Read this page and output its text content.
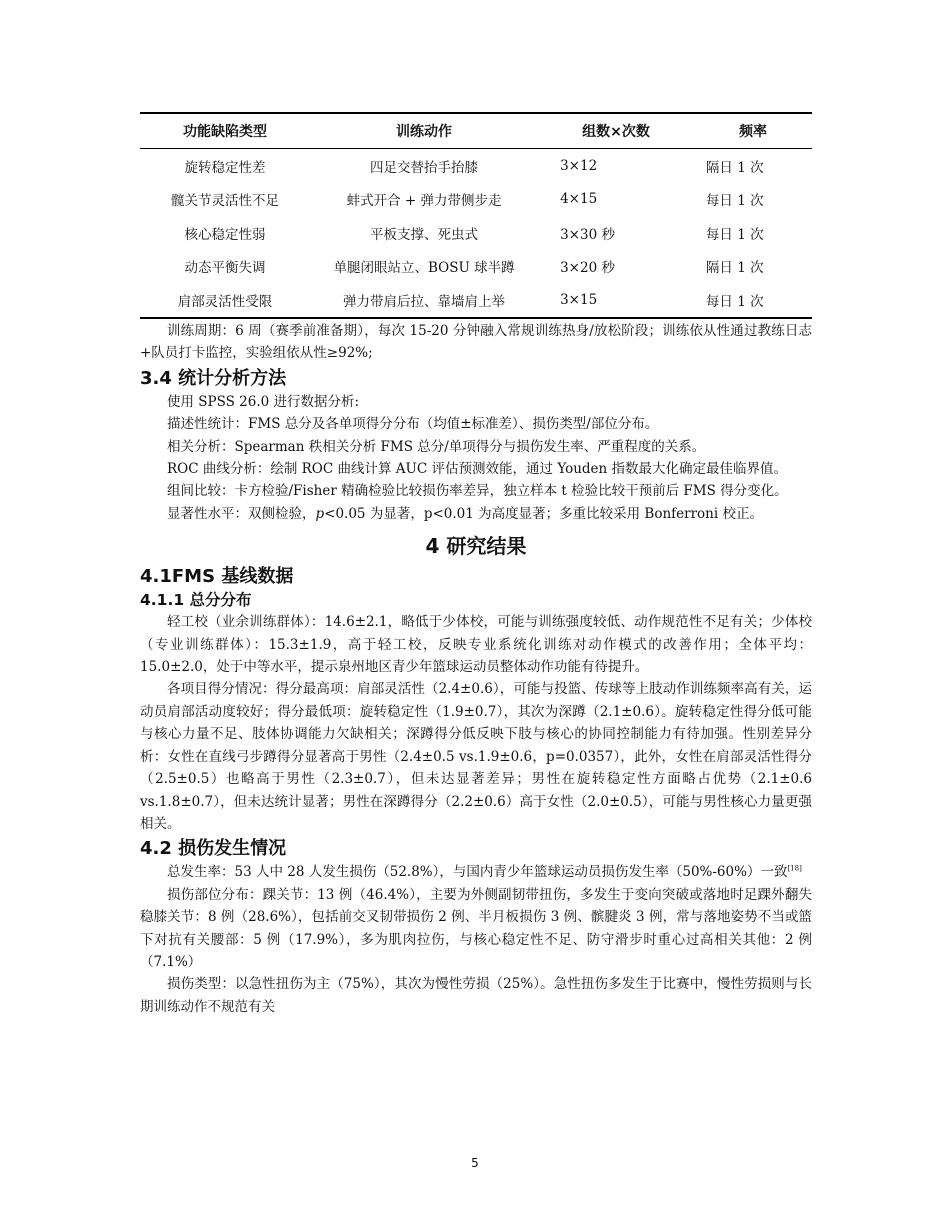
功能缺陷类型	训练动作	组数×次数	频率
旋转稳定性差	四足交替抬手抬膝	3×12	隔日 1 次
髋关节灵活性不足	蚌式开合 + 弹力带侧步走	4×15	每日 1 次
核心稳定性弱	平板支撑、死虫式	3×30 秒	每日 1 次
动态平衡失调	单腿闭眼站立、BOSU 球半蹲	3×20 秒	隔日 1 次
肩部灵活性受限	弹力带肩后拉、靠墙肩上举	3×15	每日 1 次

训练周期：6 周（赛季前准备期），每次 15-20 分钟融入常规训练热身/放松阶段；训练依从性通过教练日志+队员打卡监控，实验组依从性≥92%;

3.4 统计分析方法

使用 SPSS 26.0 进行数据分析:

描述性统计：FMS 总分及各单项得分分布（均值±标准差）、损伤类型/部位分布。

相关分析：Spearman 秩相关分析 FMS 总分/单项得分与损伤发生率、严重程度的关系。

ROC 曲线分析：绘制 ROC 曲线计算 AUC 评估预测效能，通过 Youden 指数最大化确定最佳临界值。

组间比较：卡方检验/Fisher 精确检验比较损伤率差异，独立样本 t 检验比较干预前后 FMS 得分变化。

显著性水平：双侧检验，p<0.05 为显著，p<0.01 为高度显著；多重比较采用 Bonferroni 校正。

4 研究结果
4.1FMS 基线数据
4.1.1 总分分布

轻工校（业余训练群体）：14.6±2.1，略低于少体校，可能与训练强度较低、动作规范性不足有关；少体校（专业训练群体）：15.3±1.9，高于轻工校，反映专业系统化训练对动作模式的改善作用；全体平均：15.0±2.0，处于中等水平，提示泉州地区青少年篮球运动员整体动作功能有待提升。

各项目得分情况：得分最高项：肩部灵活性（2.4±0.6），可能与投篮、传球等上肢动作训练频率高有关，运动员肩部活动度较好；得分最低项：旋转稳定性（1.9±0.7），其次为深蹲（2.1±0.6）。旋转稳定性得分低可能与核心力量不足、肢体协调能力欠缺相关；深蹲得分低反映下肢与核心的协同控制能力有待加强。性别差异分析：女性在直线弓步蹲得分显著高于男性（2.4±0.5 vs.1.9±0.6，p=0.0357），此外，女性在肩部灵活性得分（2.5±0.5）也略高于男性（2.3±0.7），但未达显著差异；男性在旋转稳定性方面略占优势（2.1±0.6 vs.1.8±0.7），但未达统计显著；男性在深蹲得分（2.2±0.6）高于女性（2.0±0.5），可能与男性核心力量更强相关。

4.2 损伤发生情况

总发生率：53 人中 28 人发生损伤（52.8%），与国内青少年篮球运动员损伤发生率（50%-60%）一致[18]

损伤部位分布：踝关节：13 例（46.4%），主要为外侧副韧带扭伤，多发生于变向突破或落地时足踝外翻失稳膝关节：8 例（28.6%），包括前交叉韧带损伤 2 例、半月板损伤 3 例、髌腱炎 3 例，常与落地姿势不当或篮下对抗有关腰部：5 例（17.9%），多为肌肉拉伤，与核心稳定性不足、防守滑步时重心过高相关其他：2 例（7.1%）

损伤类型：以急性扭伤为主（75%），其次为慢性劳损（25%）。急性扭伤多发生于比赛中，慢性劳损则与长期训练动作不规范有关

5
